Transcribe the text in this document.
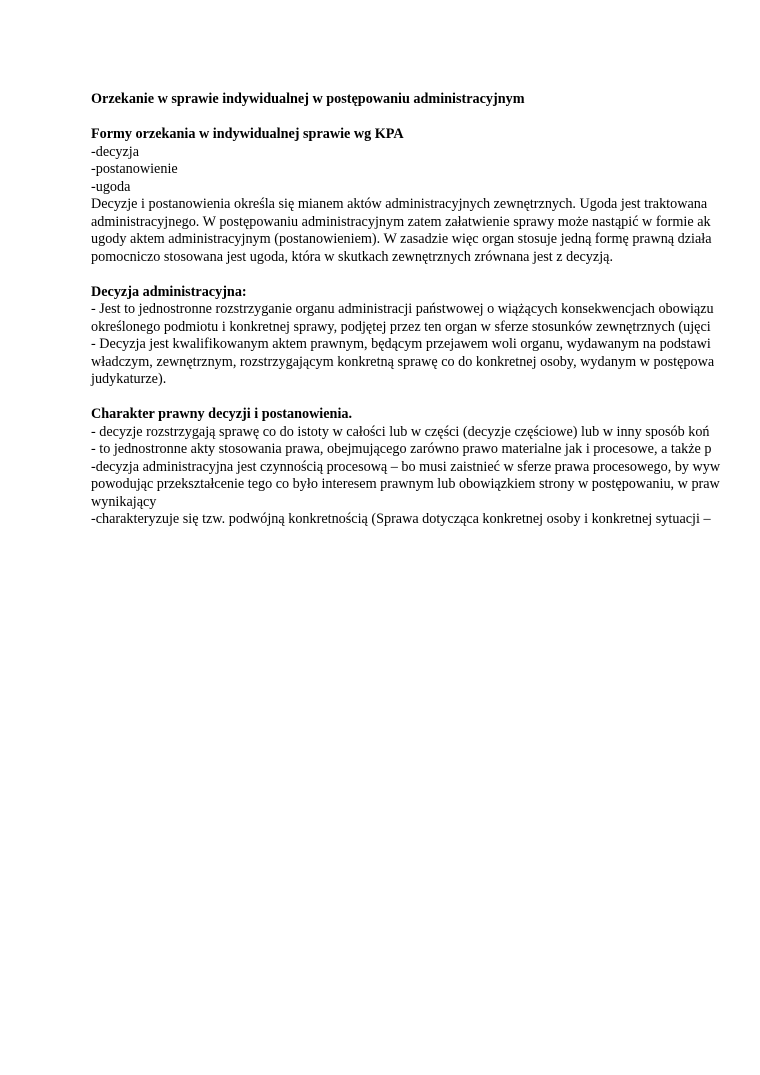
Orzekanie w sprawie indywidualnej w postępowaniu administracyjnym
Formy orzekania w indywidualnej sprawie wg KPA
-decyzja
-postanowienie
-ugoda
Decyzje i postanowienia określa się mianem aktów administracyjnych zewnętrznych. Ugoda jest traktowana
administracyjnego. W postępowaniu administracyjnym zatem załatwienie sprawy może nastąpić w formie ak
ugody aktem administracyjnym (postanowieniem). W zasadzie więc organ stosuje jedną formę prawną działa
pomocniczo stosowana jest ugoda, która w skutkach zewnętrznych zrównana jest z decyzją.
Decyzja administracyjna:
- Jest to jednostronne rozstrzyganie organu administracji państwowej o wiążących konsekwencjach obowiązu
określonego podmiotu i konkretnej sprawy, podjętej przez ten organ w sferze stosunków zewnętrznych (ujęci
- Decyzja jest kwalifikowanym aktem prawnym, będącym przejawem woli organu, wydawanym na podstawi
władczym, zewnętrznym, rozstrzygającym konkretną sprawę co do konkretnej osoby, wydanym w postępowa
judykaturze).
Charakter prawny decyzji i postanowienia.
- decyzje rozstrzygają sprawę co do istoty w całości lub w części (decyzje częściowe) lub w inny sposób koń
- to jednostronne akty stosowania prawa, obejmującego zarówno prawo materialne jak i procesowe, a także p
-decyzja administracyjna jest czynnością procesową – bo musi zaistnieć w sferze prawa procesowego, by wyw
powodując przekształcenie tego co było interesem prawnym lub obowiązkiem strony w postępowaniu, w praw
wynikający
-charakteryzuje się tzw. podwójną konkretnością (Sprawa dotycząca konkretnej osoby i konkretnej sytuacji –
